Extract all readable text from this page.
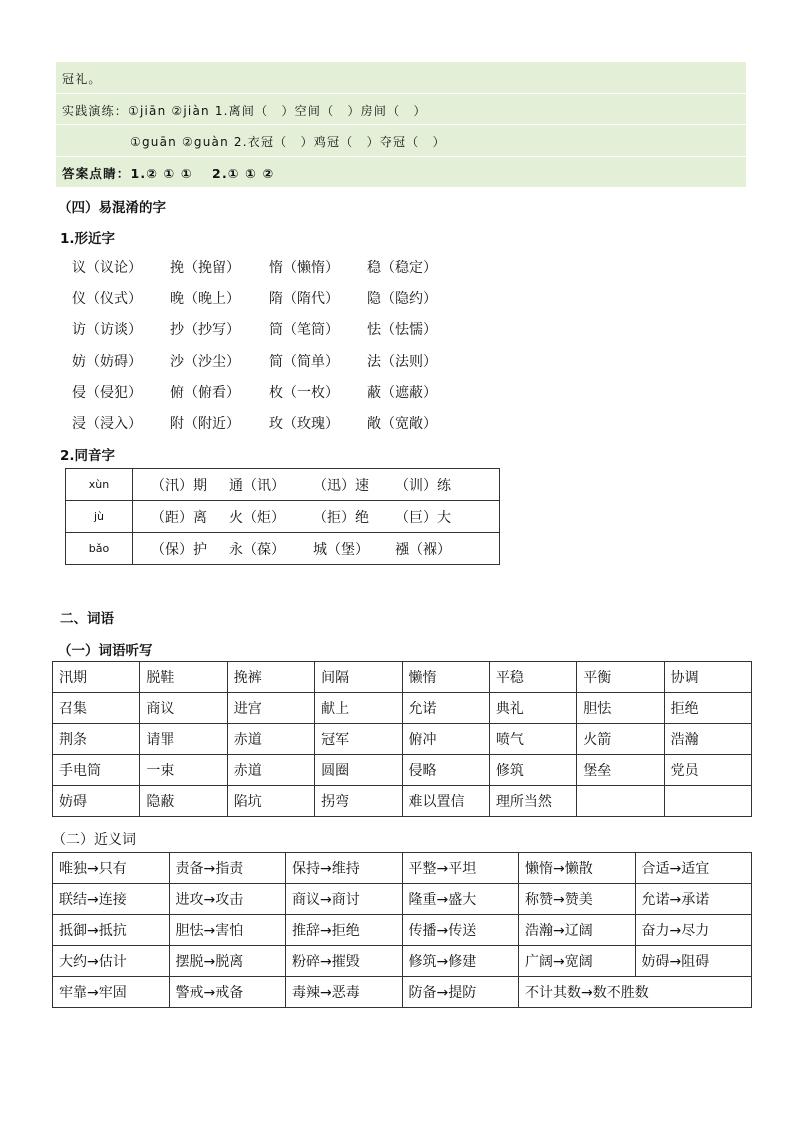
冠礼。
实践演练：①jiān ②jiàn 1.离间（　）空间（　）房间（　）
①guān ②guàn 2.衣冠（　）鸡冠（　）夺冠（　）
答案点睛：1.② ① ①　 2.① ① ②
（四）易混淆的字
1.形近字
议（议论） 挽（挽留） 惰（懒惰） 稳（稳定）
仪（仪式） 晚（晚上） 隋（隋代） 隐（隐约）
访（访谈） 抄（抄写） 筒（笔筒） 怯（怯懦）
妨（妨碍） 沙（沙尘） 简（简单） 法（法则）
侵（侵犯） 俯（俯看） 枚（一枚） 蔽（遮蔽）
浸（浸入） 附（附近） 玫（玫瑰） 敞（宽敞）
2.同音字
xùn	（汛）期 通（讯） （迅）速 （训）练
jù	（距）离 火（炬） （拒）绝 （巨）大
bǎo	（保）护 永（葆） 城（堡） 襁（褓）
二、词语
（一）词语听写
汛期	脱鞋	挽裤	间隔	懒惰	平稳	平衡	协调
召集	商议	进宫	献上	允诺	典礼	胆怯	拒绝
荆条	请罪	赤道	冠军	俯冲	喷气	火箭	浩瀚
手电筒	一束	赤道	圆圈	侵略	修筑	堡垒	党员
妨碍	隐蔽	陷坑	拐弯	难以置信	理所当然		
（二）近义词
唯独→只有	责备→指责	保持→维持	平整→平坦	懒惰→懒散	合适→适宜
联结→连接	进攻→攻击	商议→商讨	隆重→盛大	称赞→赞美	允诺→承诺
抵御→抵抗	胆怯→害怕	推辞→拒绝	传播→传送	浩瀚→辽阔	奋力→尽力
大约→估计	摆脱→脱离	粉碎→摧毁	修筑→修建	广阔→宽阔	妨碍→阻碍
牢靠→牢固	警戒→戒备	毒辣→恶毒	防备→提防	不计其数→数不胜数	
